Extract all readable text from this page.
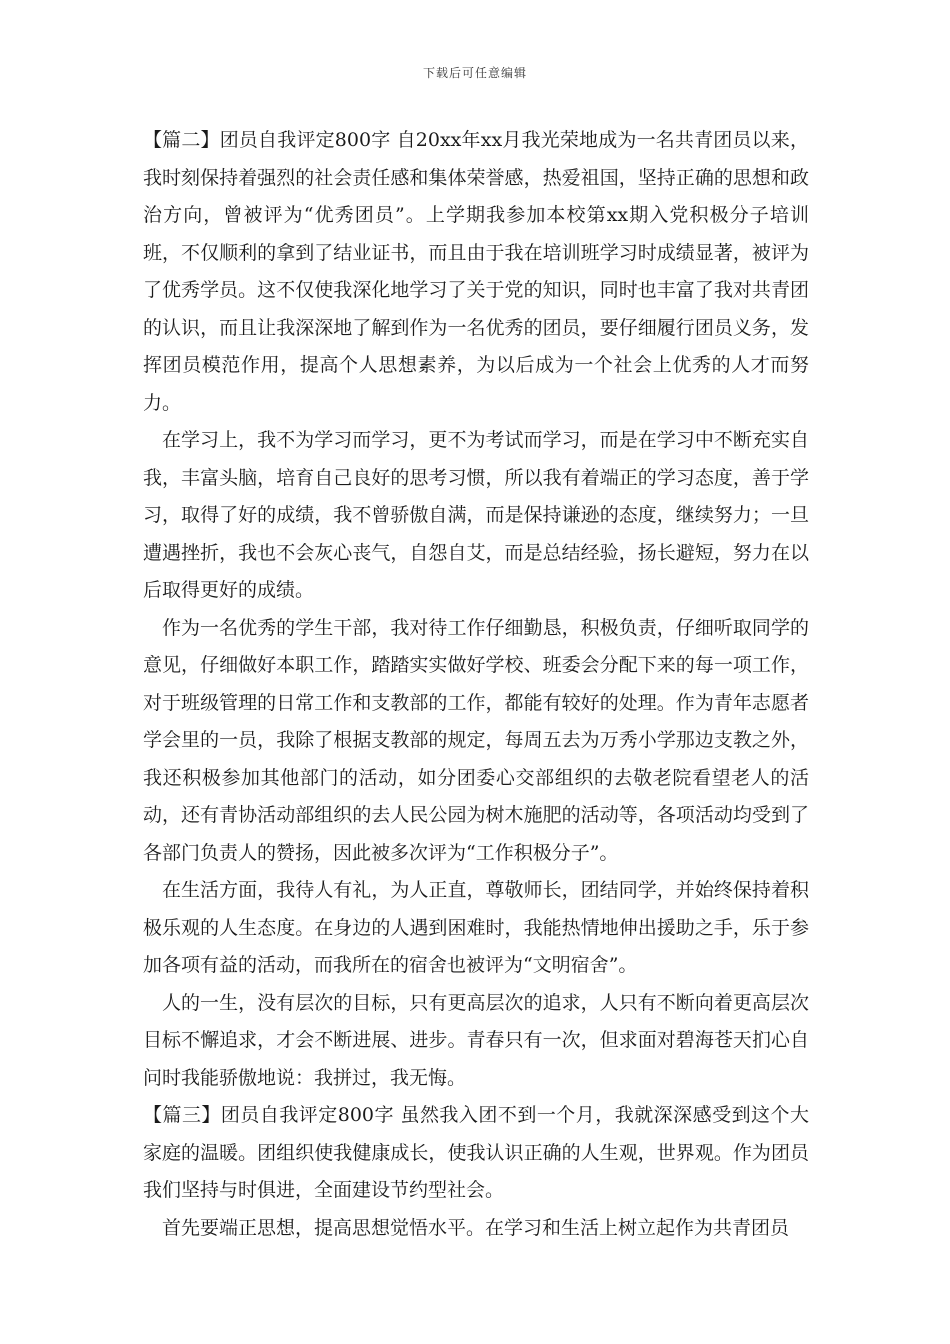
下载后可任意编辑

【篇二】团员自我评定800字 自20xx年xx月我光荣地成为一名共青团员以来，我时刻保持着强烈的社会责任感和集体荣誉感，热爱祖国，坚持正确的思想和政治方向，曾被评为“优秀团员”。上学期我参加本校第xx期入党积极分子培训班，不仅顺利的拿到了结业证书，而且由于我在培训班学习时成绩显著，被评为了优秀学员。这不仅使我深化地学习了关于党的知识，同时也丰富了我对共青团的认识，而且让我深深地了解到作为一名优秀的团员，要仔细履行团员义务，发挥团员模范作用，提高个人思想素养，为以后成为一个社会上优秀的人才而努力。

在学习上，我不为学习而学习，更不为考试而学习，而是在学习中不断充实自我，丰富头脑，培育自己良好的思考习惯，所以我有着端正的学习态度，善于学习，取得了好的成绩，我不曾骄傲自满，而是保持谦逊的态度，继续努力；一旦遭遇挫折，我也不会灰心丧气，自怨自艾，而是总结经验，扬长避短，努力在以后取得更好的成绩。

作为一名优秀的学生干部，我对待工作仔细勤恳，积极负责，仔细听取同学的意见，仔细做好本职工作，踏踏实实做好学校、班委会分配下来的每一项工作，对于班级管理的日常工作和支教部的工作，都能有较好的处理。作为青年志愿者学会里的一员，我除了根据支教部的规定，每周五去为万秀小学那边支教之外，我还积极参加其他部门的活动，如分团委心交部组织的去敬老院看望老人的活动，还有青协活动部组织的去人民公园为树木施肥的活动等，各项活动均受到了各部门负责人的赞扬，因此被多次评为“工作积极分子”。

在生活方面，我待人有礼，为人正直，尊敬师长，团结同学，并始终保持着积极乐观的人生态度。在身边的人遇到困难时，我能热情地伸出援助之手，乐于参加各项有益的活动，而我所在的宿舍也被评为“文明宿舍”。

人的一生，没有层次的目标，只有更高层次的追求，人只有不断向着更高层次目标不懈追求，才会不断进展、进步。青春只有一次，但求面对碧海苍天扪心自问时我能骄傲地说：我拼过，我无悔。

【篇三】团员自我评定800字 虽然我入团不到一个月，我就深深感受到这个大家庭的温暖。团组织使我健康成长，使我认识正确的人生观，世界观。作为团员我们坚持与时俱进，全面建设节约型社会。

首先要端正思想，提高思想觉悟水平。在学习和生活上树立起作为共青团员
